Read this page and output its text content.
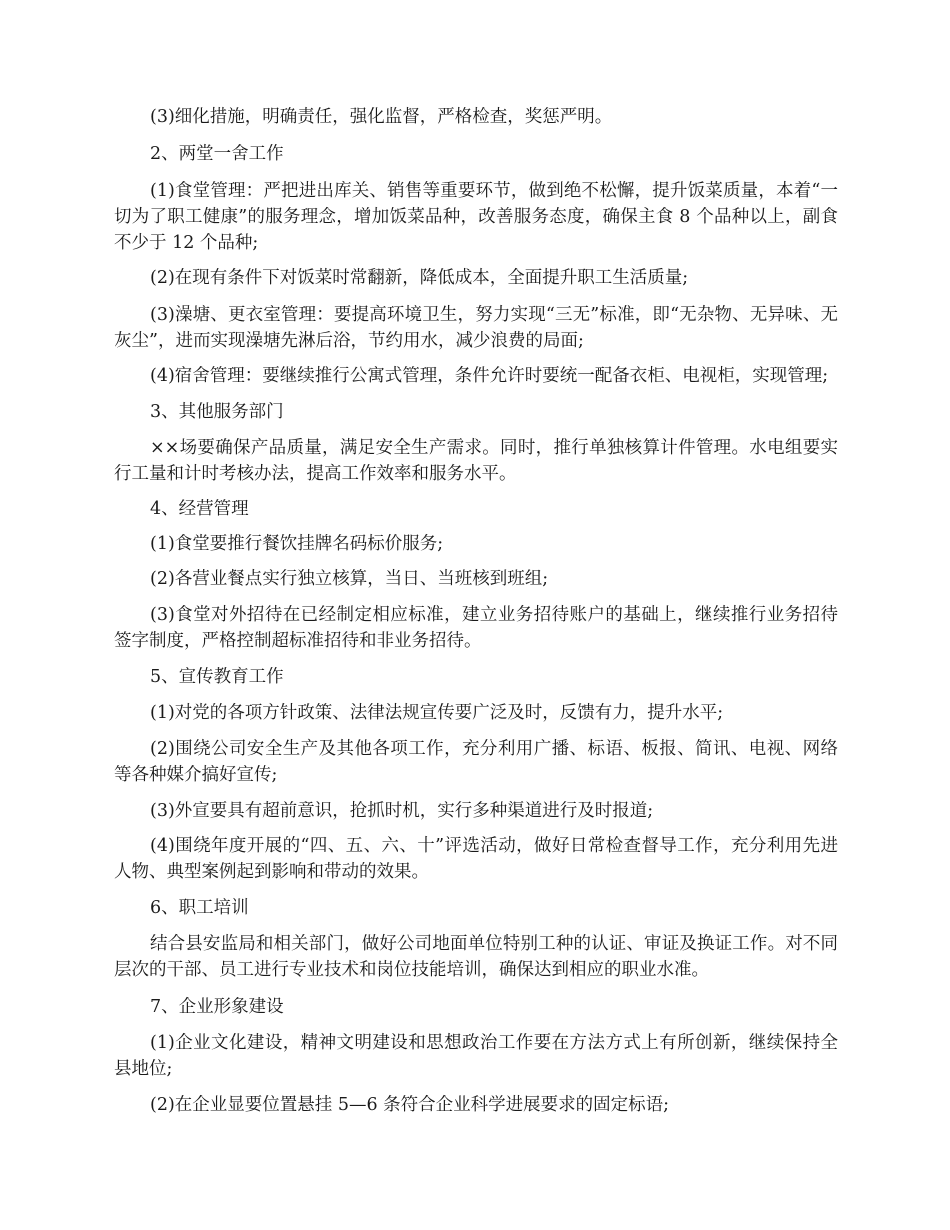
(3)细化措施，明确责任，强化监督，严格检查，奖惩严明。

2、两堂一舍工作

(1)食堂管理：严把进出库关、销售等重要环节，做到绝不松懈，提升饭菜质量，本着“一切为了职工健康”的服务理念，增加饭菜品种，改善服务态度，确保主食 8 个品种以上，副食不少于 12 个品种;

(2)在现有条件下对饭菜时常翻新，降低成本，全面提升职工生活质量;

(3)澡塘、更衣室管理：要提高环境卫生，努力实现“三无”标准，即“无杂物、无异味、无灰尘”，进而实现澡塘先淋后浴，节约用水，减少浪费的局面;

(4)宿舍管理：要继续推行公寓式管理，条件允许时要统一配备衣柜、电视柜，实现管理;

3、其他服务部门

××场要确保产品质量，满足安全生产需求。同时，推行单独核算计件管理。水电组要实行工量和计时考核办法，提高工作效率和服务水平。

4、经营管理

(1)食堂要推行餐饮挂牌名码标价服务;

(2)各营业餐点实行独立核算，当日、当班核到班组;

(3)食堂对外招待在已经制定相应标准，建立业务招待账户的基础上，继续推行业务招待签字制度，严格控制超标准招待和非业务招待。

5、宣传教育工作

(1)对党的各项方针政策、法律法规宣传要广泛及时，反馈有力，提升水平;

(2)围绕公司安全生产及其他各项工作，充分利用广播、标语、板报、简讯、电视、网络等各种媒介搞好宣传;

(3)外宣要具有超前意识，抢抓时机，实行多种渠道进行及时报道;

(4)围绕年度开展的“四、五、六、十”评选活动，做好日常检查督导工作，充分利用先进人物、典型案例起到影响和带动的效果。

6、职工培训

结合县安监局和相关部门，做好公司地面单位特别工种的认证、审证及换证工作。对不同层次的干部、员工进行专业技术和岗位技能培训，确保达到相应的职业水准。

7、企业形象建设

(1)企业文化建设，精神文明建设和思想政治工作要在方法方式上有所创新，继续保持全县地位;

(2)在企业显要位置悬挂 5—6 条符合企业科学进展要求的固定标语;
